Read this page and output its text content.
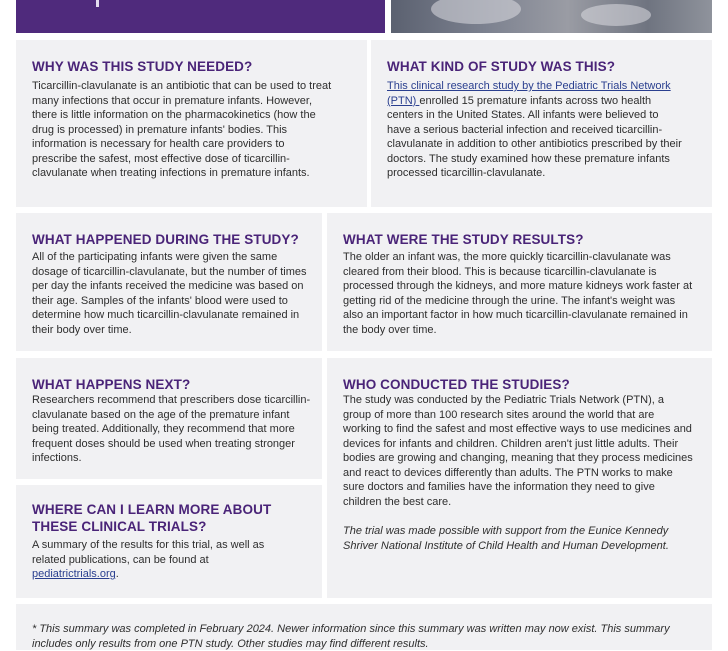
WHY WAS THIS STUDY NEEDED?

Ticarcillin-clavulanate is an antibiotic that can be used to treat many infections that occur in premature infants. However, there is little information on the pharmacokinetics (how the drug is processed) in premature infants' bodies. This information is necessary for health care providers to prescribe the safest, most effective dose of ticarcillin-clavulanate when treating infections in premature infants.

WHAT KIND OF STUDY WAS THIS?

This clinical research study by the Pediatric Trials Network (PTN) enrolled 15 premature infants across two health centers in the United States. All infants were believed to have a serious bacterial infection and received ticarcillin-clavulanate in addition to other antibiotics prescribed by their doctors. The study examined how these premature infants processed ticarcillin-clavulanate.

WHAT HAPPENED DURING THE STUDY?

All of the participating infants were given the same dosage of ticarcillin-clavulanate, but the number of times per day the infants received the medicine was based on their age. Samples of the infants' blood were used to determine how much ticarcillin-clavulanate remained in their body over time.

WHAT WERE THE STUDY RESULTS?

The older an infant was, the more quickly ticarcillin-clavulanate was cleared from their blood. This is because ticarcillin-clavulanate is processed through the kidneys, and more mature kidneys work faster at getting rid of the medicine through the urine. The infant's weight was also an important factor in how much ticarcillin-clavulanate remained in the body over time.

WHAT HAPPENS NEXT?

Researchers recommend that prescribers dose ticarcillin-clavulanate based on the age of the premature infant being treated. Additionally, they recommend that more frequent doses should be used when treating stronger infections.

WHERE CAN I LEARN MORE ABOUT THESE CLINICAL TRIALS?

A summary of the results for this trial, as well as related publications, can be found at pediatrictrials.org.

WHO CONDUCTED THE STUDIES?

The study was conducted by the Pediatric Trials Network (PTN), a group of more than 100 research sites around the world that are working to find the safest and most effective ways to use medicines and devices for infants and children. Children aren't just little adults. Their bodies are growing and changing, meaning that they process medicines and react to devices differently than adults. The PTN works to make sure doctors and families have the information they need to give children the best care.

The trial was made possible with support from the Eunice Kennedy Shriver National Institute of Child Health and Human Development.

* This summary was completed in February 2024. Newer information since this summary was written may now exist. This summary includes only results from one PTN study. Other studies may find different results.
